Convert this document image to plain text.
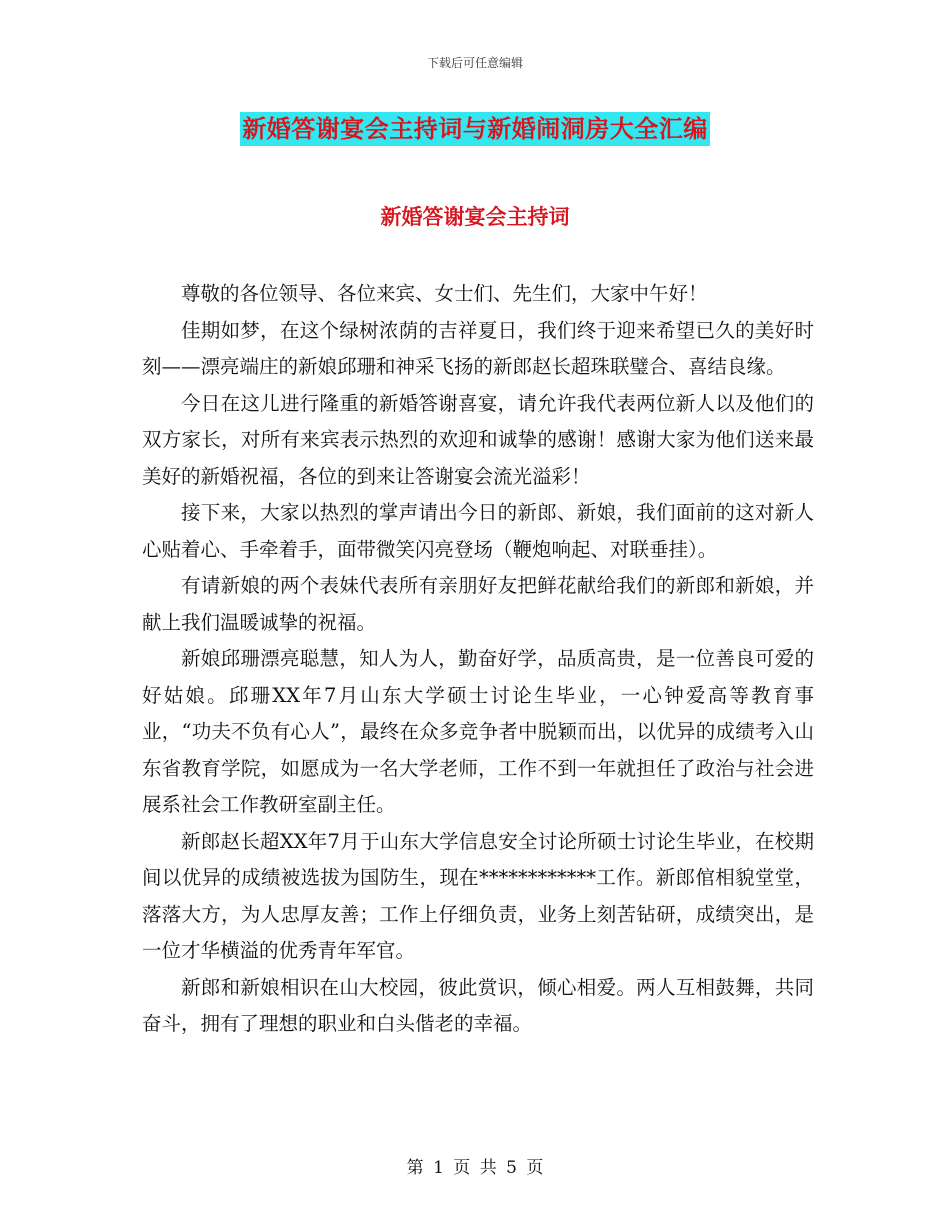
下载后可任意编辑
新婚答谢宴会主持词与新婚闹洞房大全汇编

尊敬的各位领导、各位来宾、女士们、先生们，大家中午好！

佳期如梦，在这个绿树浓荫的吉祥夏日，我们终于迎来希望已久的美好时刻——漂亮端庄的新娘邱珊和神采飞扬的新郎赵长超珠联璧合、喜结良缘。

今日在这儿进行隆重的新婚答谢喜宴，请允许我代表两位新人以及他们的双方家长，对所有来宾表示热烈的欢迎和诚挚的感谢！感谢大家为他们送来最美好的新婚祝福，各位的到来让答谢宴会流光溢彩！

接下来，大家以热烈的掌声请出今日的新郎、新娘，我们面前的这对新人心贴着心、手牵着手，面带微笑闪亮登场（鞭炮响起、对联垂挂）。

有请新娘的两个表妹代表所有亲朋好友把鲜花献给我们的新郎和新娘，并献上我们温暖诚挚的祝福。

新娘邱珊漂亮聪慧，知人为人，勤奋好学，品质高贵，是一位善良可爱的好姑娘。邱珊XX年7月山东大学硕士讨论生毕业，一心钟爱高等教育事业，“功夫不负有心人”，最终在众多竞争者中脱颖而出，以优异的成绩考入山东省教育学院，如愿成为一名大学老师，工作不到一年就担任了政治与社会进展系社会工作教研室副主任。

新郎赵长超XX年7月于山东大学信息安全讨论所硕士讨论生毕业，在校期间以优异的成绩被选拔为国防生，现在************工作。新郎倌相貌堂堂，落落大方，为人忠厚友善；工作上仔细负责，业务上刻苦钻研，成绩突出，是一位才华横溢的优秀青年军官。

新郎和新娘相识在山大校园，彼此赏识，倾心相爱。两人互相鼓舞，共同奋斗，拥有了理想的职业和白头偕老的幸福。

新婚答谢宴会主持词
第 1 页 共 5 页
